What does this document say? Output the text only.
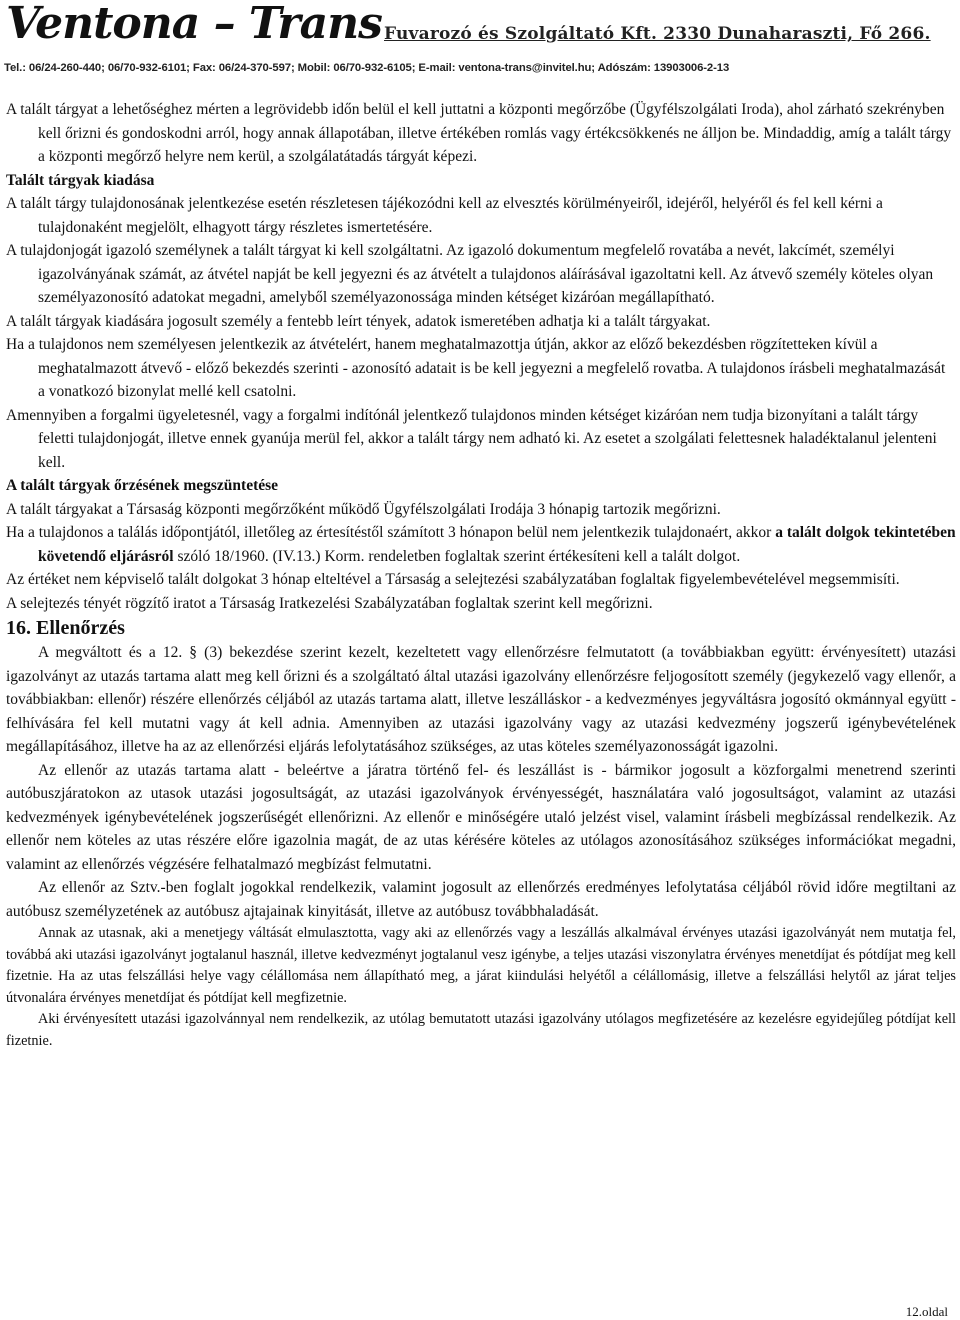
Ventona – Trans Fuvarozó és Szolgáltató Kft. 2330 Dunaharaszti, Fő 266.
Tel.: 06/24-260-440; 06/70-932-6101; Fax: 06/24-370-597; Mobil: 06/70-932-6105; E-mail: ventona-trans@invitel.hu; Adószám: 13903006-2-13

A talált tárgyat a lehetőséghez mérten a legrövidebb időn belül el kell juttatni a központi megőrzőbe (Ügyfélszolgálati Iroda), ahol zárható szekrényben kell őrizni és gondoskodni arról, hogy annak állapotában, illetve értékében romlás vagy értékcsökkenés ne álljon be. Mindaddig, amíg a talált tárgy a központi megőrző helyre nem kerül, a szolgálatátadás tárgyát képezi.

Talált tárgyak kiadása

A talált tárgy tulajdonosának jelentkezése esetén részletesen tájékozódni kell az elvesztés körülményeiről, idejéről, helyéről és fel kell kérni a tulajdonaként megjelölt, elhagyott tárgy részletes ismertetésére.

A tulajdonjogát igazoló személynek a talált tárgyat ki kell szolgáltatni. Az igazoló dokumentum megfelelő rovatába a nevét, lakcímét, személyi igazolványának számát, az átvétel napját be kell jegyezni és az átvételt a tulajdonos aláírásával igazoltatni kell. Az átvevő személy köteles olyan személyazonosító adatokat megadni, amelyből személyazonossága minden kétséget kizáróan megállapítható.

A talált tárgyak kiadására jogosult személy a fentebb leírt tények, adatok ismeretében adhatja ki a talált tárgyakat.

Ha a tulajdonos nem személyesen jelentkezik az átvételért, hanem meghatalmazottja útján, akkor az előző bekezdésben rögzítetteken kívül a meghatalmazott átvevő - előző bekezdés szerinti - azonosító adatait is be kell jegyezni a megfelelő rovatba. A tulajdonos írásbeli meghatalmazását a vonatkozó bizonylat mellé kell csatolni.

Amennyiben a forgalmi ügyeletesnél, vagy a forgalmi indítónál jelentkező tulajdonos minden kétséget kizáróan nem tudja bizonyítani a talált tárgy feletti tulajdonjogát, illetve ennek gyanúja merül fel, akkor a talált tárgy nem adható ki. Az esetet a szolgálati felettesnek haladéktalanul jelenteni kell.

A talált tárgyak őrzésének megszüntetése

A talált tárgyakat a Társaság központi megőrzőként működő Ügyfélszolgálati Irodája 3 hónapig tartozik megőrizni.

Ha a tulajdonos a találás időpontjától, illetőleg az értesítéstől számított 3 hónapon belül nem jelentkezik tulajdonaért, akkor a talált dolgok tekintetében követendő eljárásról szóló 18/1960. (IV.13.) Korm. rendeletben foglaltak szerint értékesíteni kell a talált dolgot.

Az értéket nem képviselő talált dolgokat 3 hónap elteltével a Társaság a selejtezési szabályzatában foglaltak figyelembevételével megsemmisíti.

A selejtezés tényét rögzítő iratot a Társaság Iratkezelési Szabályzatában foglaltak szerint kell megőrizni.

16. Ellenőrzés

A megváltott és a 12. § (3) bekezdése szerint kezelt, kezeltetett vagy ellenőrzésre felmutatott (a továbbiakban együtt: érvényesített) utazási igazolványt az utazás tartama alatt meg kell őrizni és a szolgáltató által utazási igazolvány ellenőrzésre feljogosított személy (jegykezelő vagy ellenőr, a továbbiakban: ellenőr) részére ellenőrzés céljából az utazás tartama alatt, illetve leszálláskor - a kedvezményes jegyváltásra jogosító okmánnyal együtt - felhívására fel kell mutatni vagy át kell adnia. Amennyiben az utazási igazolvány vagy az utazási kedvezmény jogszerű igénybevételének megállapításához, illetve ha az az ellenőrzési eljárás lefolytatásához szükséges, az utas köteles személyazonosságát igazolni.

Az ellenőr az utazás tartama alatt - beleértve a járatra történő fel- és leszállást is - bármikor jogosult a közforgalmi menetrend szerinti autóbuszjáratokon az utasok utazási jogosultságát, az utazási igazolványok érvényességét, használatára való jogosultságot, valamint az utazási kedvezmények igénybevételének jogszerűségét ellenőrizni. Az ellenőr e minőségére utaló jelzést visel, valamint írásbeli megbízással rendelkezik. Az ellenőr nem köteles az utas részére előre igazolnia magát, de az utas kérésére köteles az utólagos azonosításához szükséges információkat megadni, valamint az ellenőrzés végzésére felhatalmazó megbízást felmutatni.

Az ellenőr az Sztv.-ben foglalt jogokkal rendelkezik, valamint jogosult az ellenőrzés eredményes lefolytatása céljából rövid időre megtiltani az autóbusz személyzetének az autóbusz ajtajainak kinyitását, illetve az autóbusz továbbhaladását.

Annak az utasnak, aki a menetjegy váltását elmulasztotta, vagy aki az ellenőrzés vagy a leszállás alkalmával érvényes utazási igazolványát nem mutatja fel, továbbá aki utazási igazolványt jogtalanul használ, illetve kedvezményt jogtalanul vesz igénybe, a teljes utazási viszonylatra érvényes menetdíjat és pótdíjat meg kell fizetnie. Ha az utas felszállási helye vagy célállomása nem állapítható meg, a járat kiindulási helyétől a célállomásig, illetve a felszállási helytől az járat teljes útvonalára érvényes menetdíjat és pótdíjat kell megfizetnie.

Aki érvényesített utazási igazolvánnyal nem rendelkezik, az utólag bemutatott utazási igazolvány utólagos megfizetésére az kezelésre egyidejűleg pótdíjat kell fizetnie.

12.oldal
